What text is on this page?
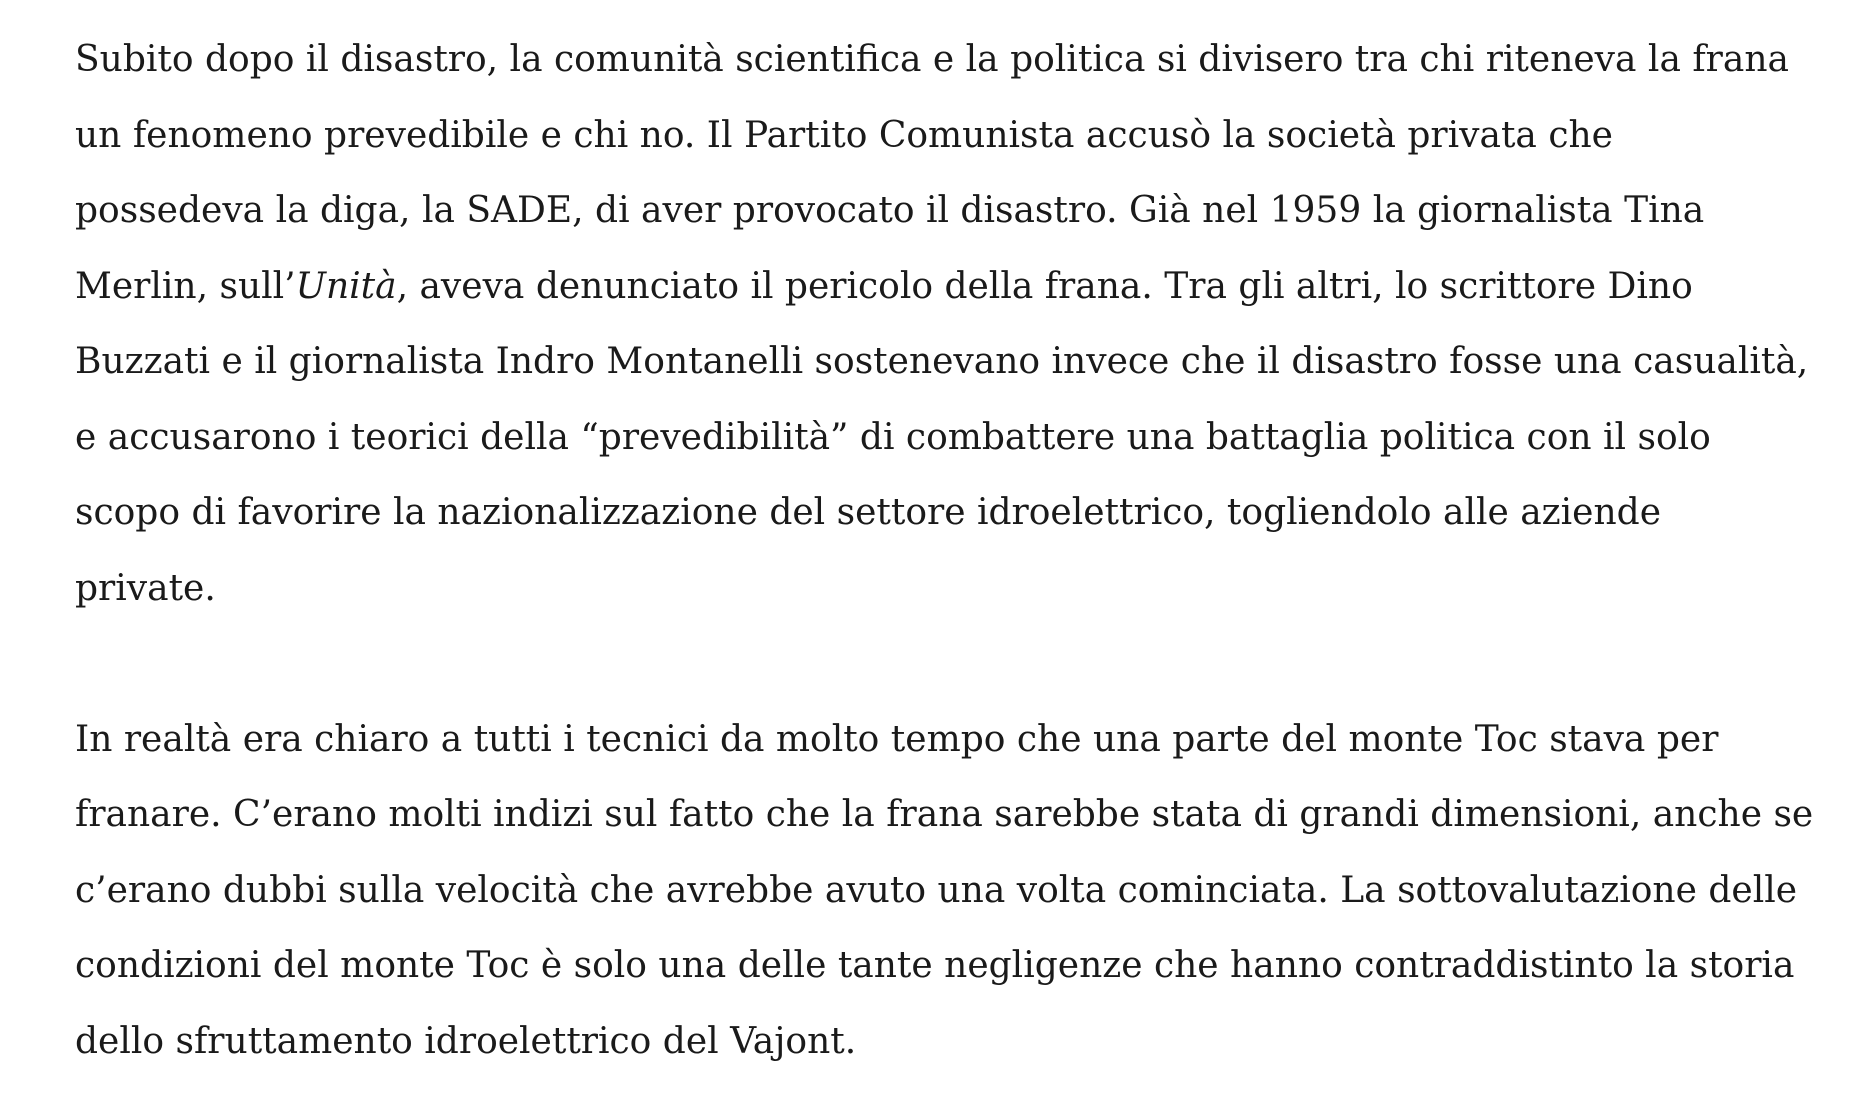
Subito dopo il disastro, la comunità scientifica e la politica si divisero tra chi riteneva la frana

un fenomeno prevedibile e chi no. Il Partito Comunista accusò la società privata che

possedeva la diga, la SADE, di aver provocato il disastro. Già nel 1959 la giornalista Tina

Merlin, sull’Unità, aveva denunciato il pericolo della frana. Tra gli altri, lo scrittore Dino

Buzzati e il giornalista Indro Montanelli sostenevano invece che il disastro fosse una casualità,

e accusarono i teorici della “prevedibilità” di combattere una battaglia politica con il solo

scopo di favorire la nazionalizzazione del settore idroelettrico, togliendolo alle aziende

private.

In realtà era chiaro a tutti i tecnici da molto tempo che una parte del monte Toc stava per

franare. C’erano molti indizi sul fatto che la frana sarebbe stata di grandi dimensioni, anche se

c’erano dubbi sulla velocità che avrebbe avuto una volta cominciata. La sottovalutazione delle

condizioni del monte Toc è solo una delle tante negligenze che hanno contraddistinto la storia

dello sfruttamento idroelettrico del Vajont.
